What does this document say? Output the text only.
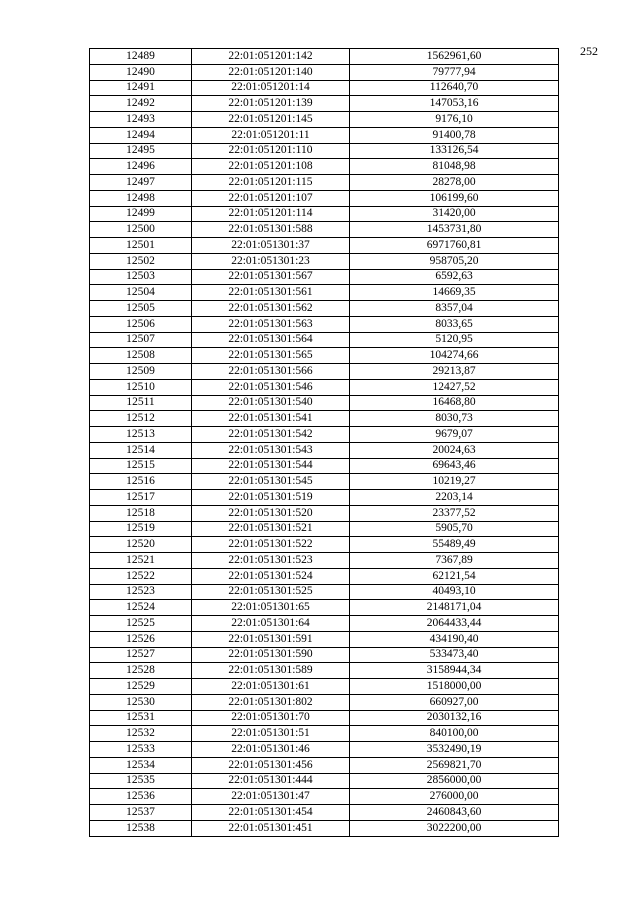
252
12489	22:01:051201:142	1562961,60
12490	22:01:051201:140	79777,94
12491	22:01:051201:14	112640,70
12492	22:01:051201:139	147053,16
12493	22:01:051201:145	9176,10
12494	22:01:051201:11	91400,78
12495	22:01:051201:110	133126,54
12496	22:01:051201:108	81048,98
12497	22:01:051201:115	28278,00
12498	22:01:051201:107	106199,60
12499	22:01:051201:114	31420,00
12500	22:01:051301:588	1453731,80
12501	22:01:051301:37	6971760,81
12502	22:01:051301:23	958705,20
12503	22:01:051301:567	6592,63
12504	22:01:051301:561	14669,35
12505	22:01:051301:562	8357,04
12506	22:01:051301:563	8033,65
12507	22:01:051301:564	5120,95
12508	22:01:051301:565	104274,66
12509	22:01:051301:566	29213,87
12510	22:01:051301:546	12427,52
12511	22:01:051301:540	16468,80
12512	22:01:051301:541	8030,73
12513	22:01:051301:542	9679,07
12514	22:01:051301:543	20024,63
12515	22:01:051301:544	69643,46
12516	22:01:051301:545	10219,27
12517	22:01:051301:519	2203,14
12518	22:01:051301:520	23377,52
12519	22:01:051301:521	5905,70
12520	22:01:051301:522	55489,49
12521	22:01:051301:523	7367,89
12522	22:01:051301:524	62121,54
12523	22:01:051301:525	40493,10
12524	22:01:051301:65	2148171,04
12525	22:01:051301:64	2064433,44
12526	22:01:051301:591	434190,40
12527	22:01:051301:590	533473,40
12528	22:01:051301:589	3158944,34
12529	22:01:051301:61	1518000,00
12530	22:01:051301:802	660927,00
12531	22:01:051301:70	2030132,16
12532	22:01:051301:51	840100,00
12533	22:01:051301:46	3532490,19
12534	22:01:051301:456	2569821,70
12535	22:01:051301:444	2856000,00
12536	22:01:051301:47	276000,00
12537	22:01:051301:454	2460843,60
12538	22:01:051301:451	3022200,00
